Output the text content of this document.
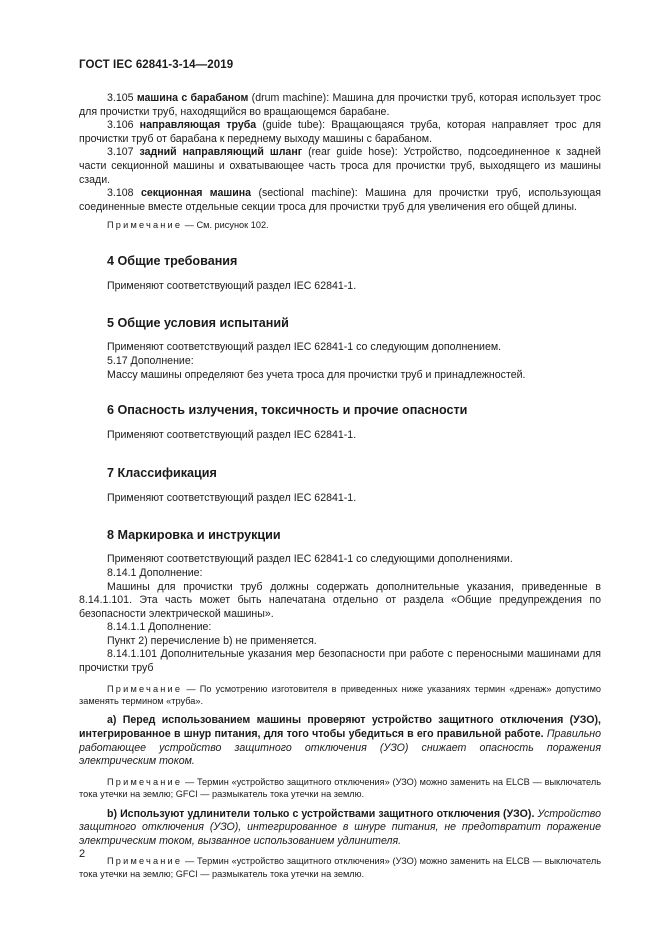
ГОСТ IEC 62841-3-14—2019

3.105 машина с барабаном (drum machine): Машина для прочистки труб, которая использует трос для прочистки труб, находящийся во вращающемся барабане.

3.106 направляющая труба (guide tube): Вращающаяся труба, которая направляет трос для прочистки труб от барабана к переднему выходу машины с барабаном.

3.107 задний направляющий шланг (rear guide hose): Устройство, подсоединенное к задней части секционной машины и охватывающее часть троса для прочистки труб, выходящего из машины сзади.

3.108 секционная машина (sectional machine): Машина для прочистки труб, использующая соединенные вместе отдельные секции троса для прочистки труб для увеличения его общей длины.

Примечание — См. рисунок 102.

4 Общие требования

Применяют соответствующий раздел IEC 62841-1.

5 Общие условия испытаний

Применяют соответствующий раздел IEC 62841-1 со следующим дополнением.

5.17 Дополнение:

Массу машины определяют без учета троса для прочистки труб и принадлежностей.

6 Опасность излучения, токсичность и прочие опасности

Применяют соответствующий раздел IEC 62841-1.

7 Классификация

Применяют соответствующий раздел IEC 62841-1.

8 Маркировка и инструкции

Применяют соответствующий раздел IEC 62841-1 со следующими дополнениями.

8.14.1 Дополнение:

Машины для прочистки труб должны содержать дополнительные указания, приведенные в 8.14.1.101. Эта часть может быть напечатана отдельно от раздела «Общие предупреждения по безопасности электрической машины».

8.14.1.1 Дополнение:

Пункт 2) перечисление b) не применяется.

8.14.1.101 Дополнительные указания мер безопасности при работе с переносными машинами для прочистки труб

Примечание — По усмотрению изготовителя в приведенных ниже указаниях термин «дренаж» допустимо заменять термином «труба».

а) Перед использованием машины проверяют устройство защитного отключения (УЗО), интегрированное в шнур питания, для того чтобы убедиться в его правильной работе. Правильно работающее устройство защитного отключения (УЗО) снижает опасность поражения электрическим током.

Примечание — Термин «устройство защитного отключения» (УЗО) можно заменить на ELCB — выключатель тока утечки на землю; GFCI — размыкатель тока утечки на землю.

b) Используют удлинители только с устройствами защитного отключения (УЗО). Устройство защитного отключения (УЗО), интегрированное в шнуре питания, не предотвратит поражение электрическим током, вызванное использованием удлинителя.

Примечание — Термин «устройство защитного отключения» (УЗО) можно заменить на ELCB — выключатель тока утечки на землю; GFCI — размыкатель тока утечки на землю.

2
